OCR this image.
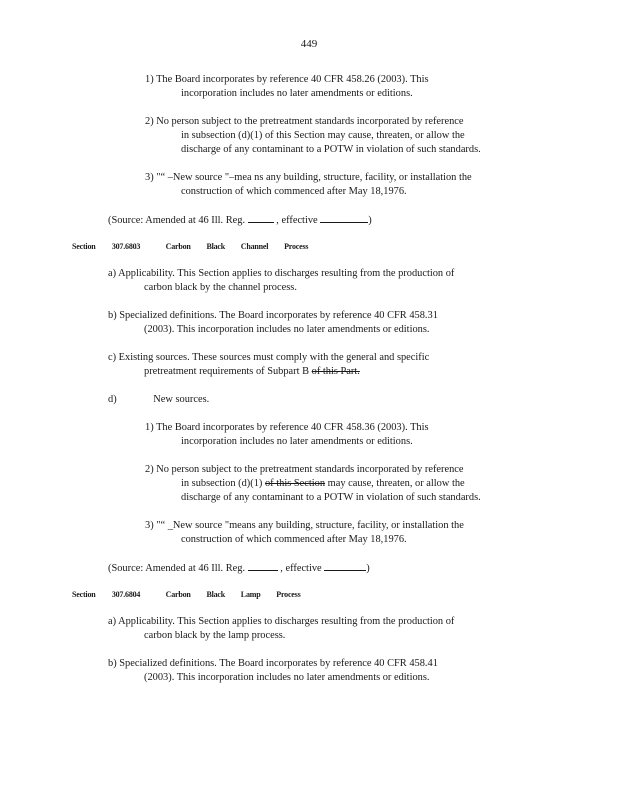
449
1) The Board incorporates by reference 40 CFR 458.26 (2003). This
incorporation includes no later amendments or editions.
2) No person subject to the pretreatment standards incorporated by reference
in subsection (d)(1) of this Section may cause, threaten, or allow the
discharge of any contaminant to a POTW in violation of such standards.
3) "“ –New source "–mea ns any building, structure, facility, or installation the
construction of which commenced after May 18,1976.
(Source: Amended at 46 Ill. Reg.	, effective	)
Section 307.6803	Carbon Black Channel Process
a) Applicability. This Section applies to discharges resulting from the production of
carbon black by the channel process.
b) Specialized definitions. The Board incorporates by reference 40 CFR 458.31
(2003). This incorporation includes no later amendments or editions.
c) Existing sources. These sources must comply with the general and specific
pretreatment requirements of Subpart B of this Part.
d)	New sources.
1) The Board incorporates by reference 40 CFR 458.36 (2003). This
incorporation includes no later amendments or editions.
2) No person subject to the pretreatment standards incorporated by reference
in subsection (d)(1) of this Section may cause, threaten, or allow the
discharge of any contaminant to a POTW in violation of such standards.
3) "“ _New source "means any building, structure, facility, or installation the
construction of which commenced after May 18,1976.
(Source: Amended at 46 Ill. Reg.	, effective	)
Section 307.6804	Carbon Black Lamp Process
a) Applicability. This Section applies to discharges resulting from the production of
carbon black by the lamp process.
b) Specialized definitions. The Board incorporates by reference 40 CFR 458.41
(2003). This incorporation includes no later amendments or editions.
